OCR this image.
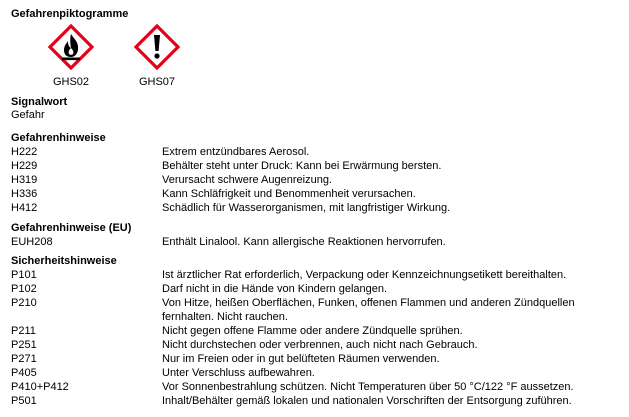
Gefahrenpiktogramme
GHS02	GHS07
Signalwort
Gefahr
Gefahrenhinweise
H222	Extrem entzündbares Aerosol.
H229	Behälter steht unter Druck: Kann bei Erwärmung bersten.
H319	Verursacht schwere Augenreizung.
H336	Kann Schläfrigkeit und Benommenheit verursachen.
H412	Schädlich für Wasserorganismen, mit langfristiger Wirkung.
Gefahrenhinweise (EU)
EUH208	Enthält Linalool. Kann allergische Reaktionen hervorrufen.
Sicherheitshinweise
P101	Ist ärztlicher Rat erforderlich, Verpackung oder Kennzeichnungsetikett bereithalten.
P102	Darf nicht in die Hände von Kindern gelangen.
P210	Von Hitze, heißen Oberflächen, Funken, offenen Flammen und anderen Zündquellen fernhalten. Nicht rauchen.
P211	Nicht gegen offene Flamme oder andere Zündquelle sprühen.
P251	Nicht durchstechen oder verbrennen, auch nicht nach Gebrauch.
P271	Nur im Freien oder in gut belüfteten Räumen verwenden.
P405	Unter Verschluss aufbewahren.
P410+P412	Vor Sonnenbestrahlung schützen. Nicht Temperaturen über 50 °C/122 °F aussetzen.
P501	Inhalt/Behälter gemäß lokalen und nationalen Vorschriften der Entsorgung zuführen.
